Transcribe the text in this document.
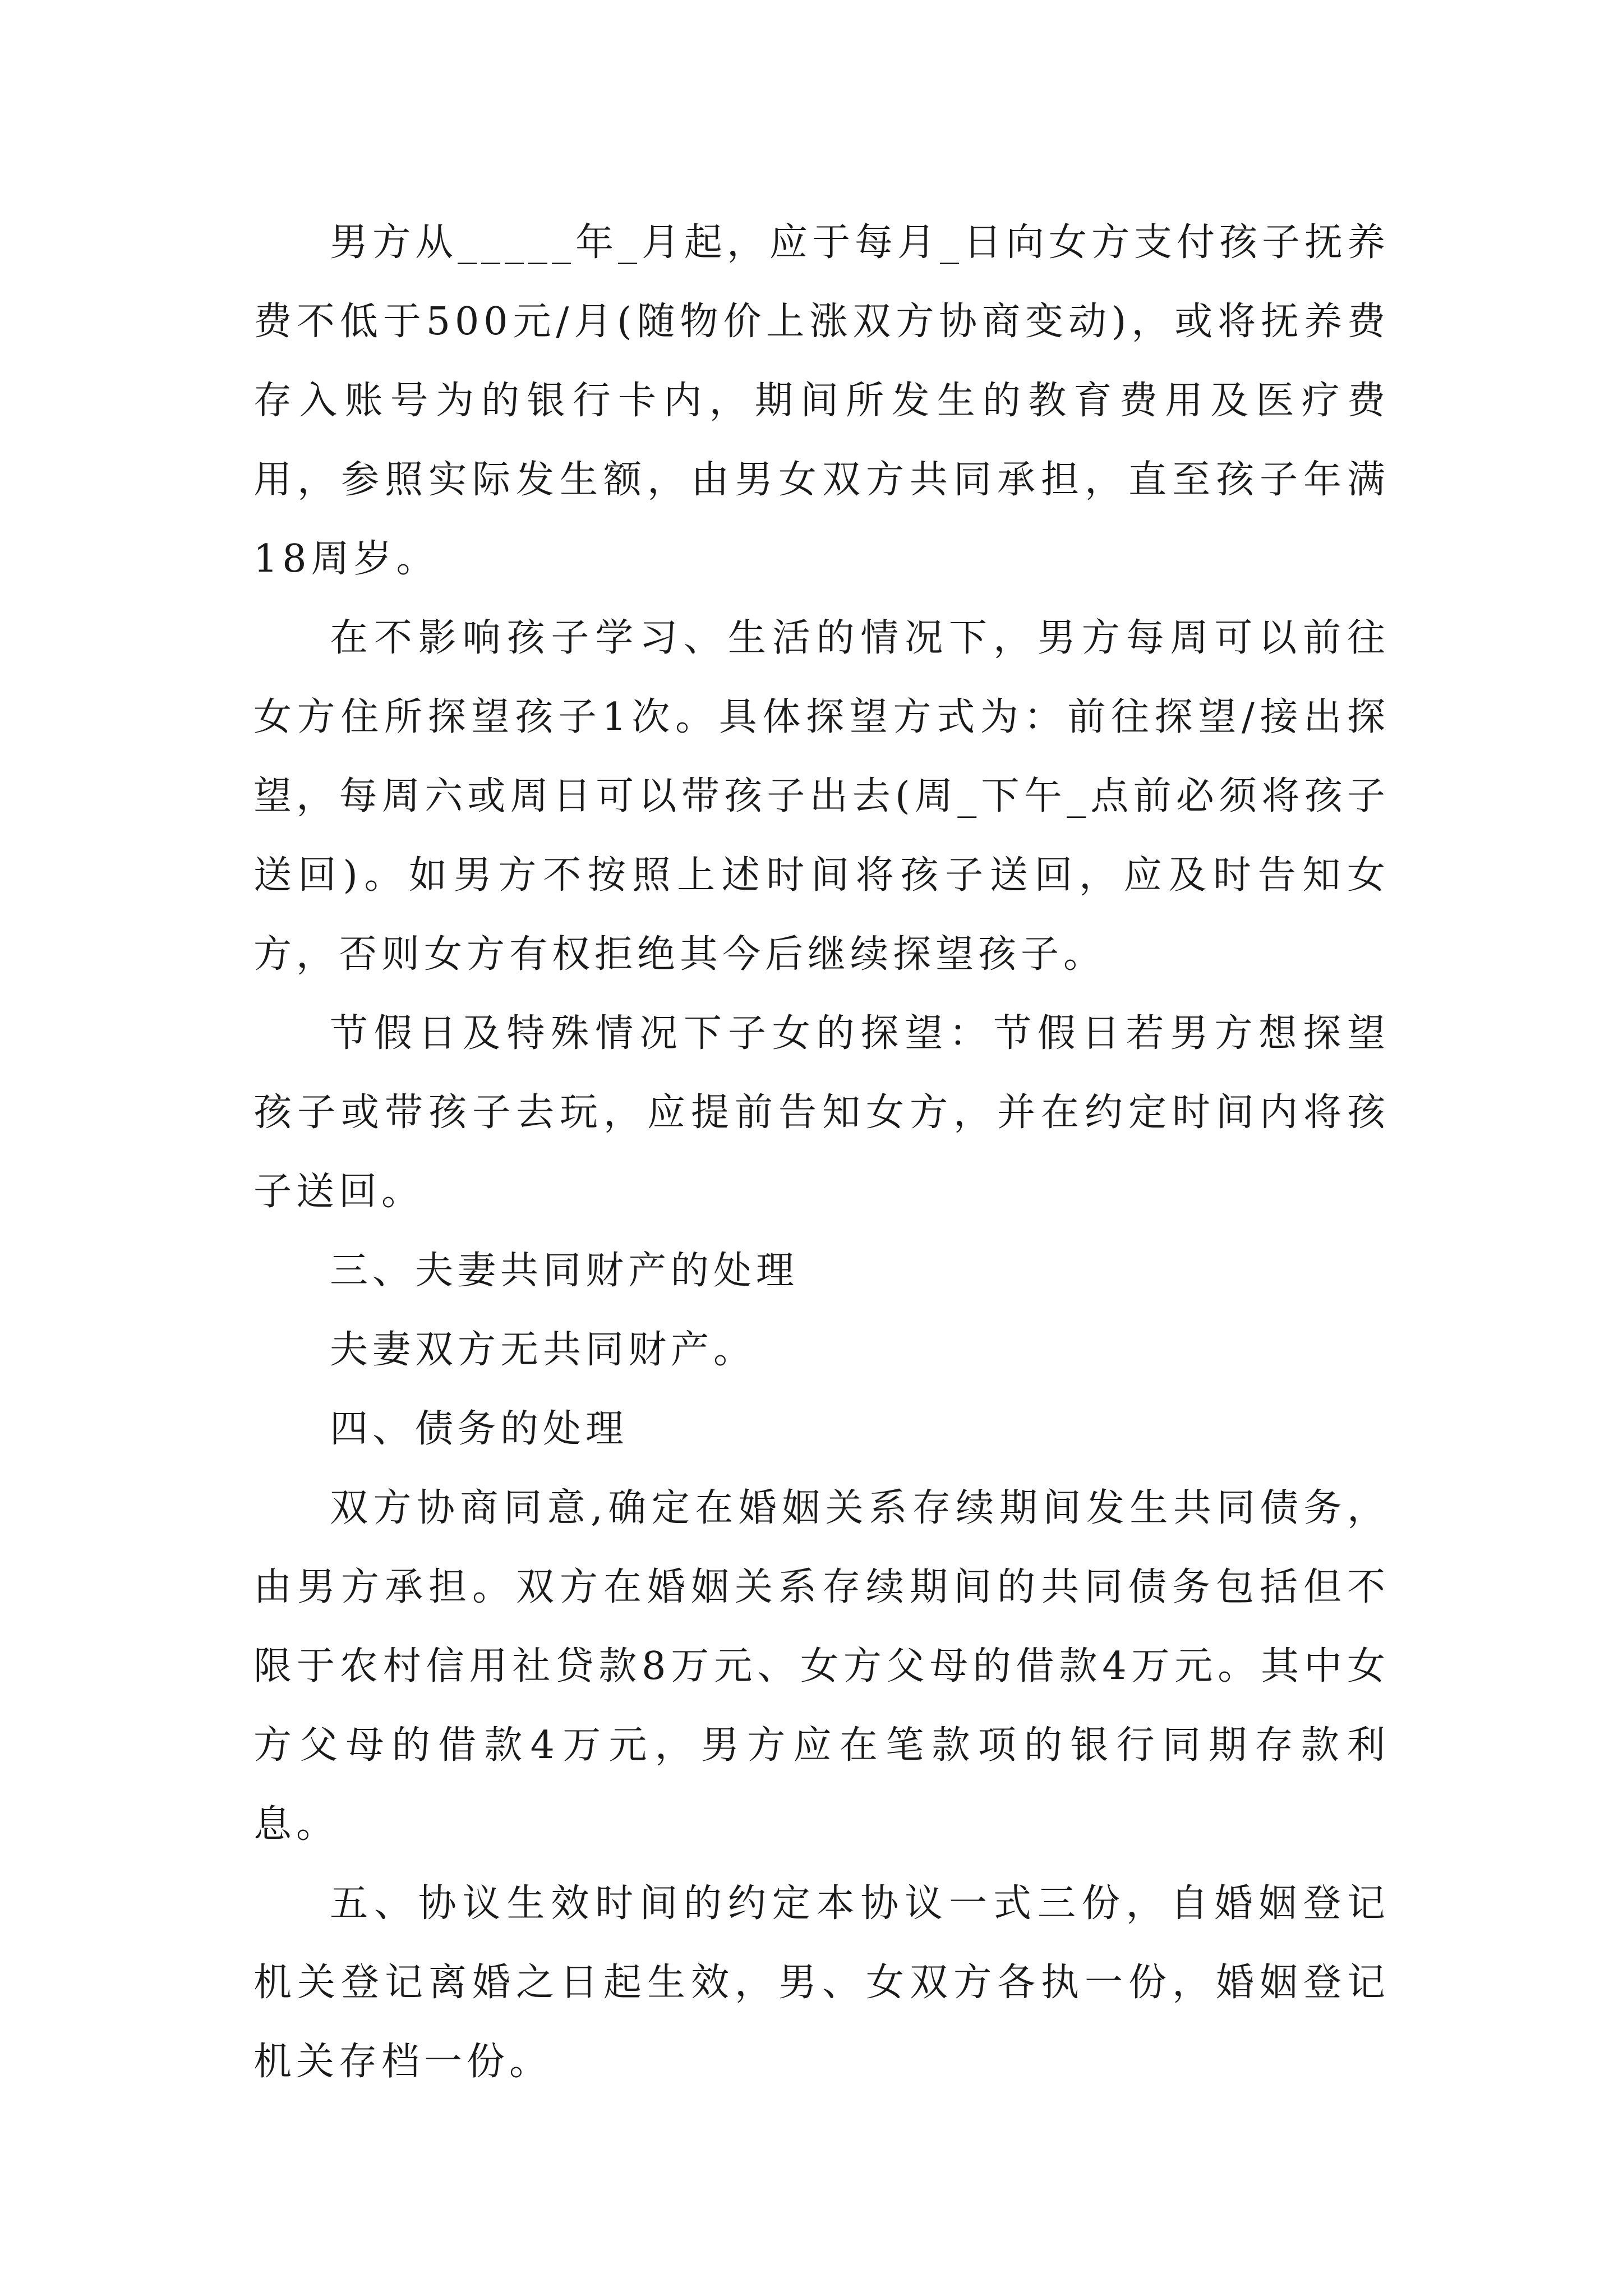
男方从_____年_月起，应于每月_日向女方支付孩子抚养费不低于500元/月(随物价上涨双方协商变动)，或将抚养费存入账号为的银行卡内，期间所发生的教育费用及医疗费用，参照实际发生额，由男女双方共同承担，直至孩子年满18周岁。

在不影响孩子学习、生活的情况下，男方每周可以前往女方住所探望孩子1次。具体探望方式为：前往探望/接出探望，每周六或周日可以带孩子出去(周_下午_点前必须将孩子送回)。如男方不按照上述时间将孩子送回，应及时告知女方，否则女方有权拒绝其今后继续探望孩子。

节假日及特殊情况下子女的探望：节假日若男方想探望孩子或带孩子去玩，应提前告知女方，并在约定时间内将孩子送回。

三、夫妻共同财产的处理

夫妻双方无共同财产。

四、债务的处理

双方协商同意,确定在婚姻关系存续期间发生共同债务，由男方承担。双方在婚姻关系存续期间的共同债务包括但不限于农村信用社贷款8万元、女方父母的借款4万元。其中女方父母的借款4万元，男方应在笔款项的银行同期存款利息。

五、协议生效时间的约定本协议一式三份，自婚姻登记机关登记离婚之日起生效，男、女双方各执一份，婚姻登记机关存档一份。
